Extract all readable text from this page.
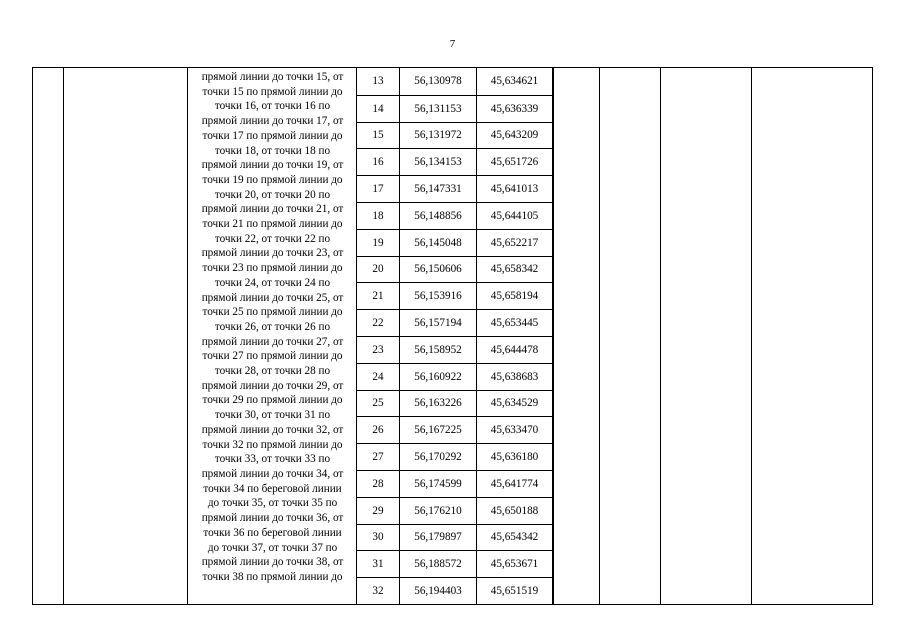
7
прямой линии до точки 15, от
точки 15 по прямой линии до
точки 16, от точки 16 по
прямой линии до точки 17, от
точки 17 по прямой линии до
точки 18, от точки 18 по
прямой линии до точки 19, от
точки 19 по прямой линии до
точки 20, от точки 20 по
прямой линии до точки 21, от
точки 21 по прямой линии до
точки 22, от точки 22 по
прямой линии до точки 23, от
точки 23 по прямой линии до
точки 24, от точки 24 по
прямой линии до точки 25, от
точки 25 по прямой линии до
точки 26, от точки 26 по
прямой линии до точки 27, от
точки 27 по прямой линии до
точки 28, от точки 28 по
прямой линии до точки 29, от
точки 29 по прямой линии до
точки 30, от точки 31 по
прямой линии до точки 32, от
точки 32 по прямой линии до
точки 33, от точки 33 по
прямой линии до точки 34, от
точки 34 по береговой линии
до точки 35, от точки 35 по
прямой линии до точки 36, от
точки 36 по береговой линии
до точки 37, от точки 37 по
прямой линии до точки 38, от
точки 38 по прямой линии до
13	56,130978	45,634621
14	56,131153	45,636339
15	56,131972	45,643209
16	56,134153	45,651726
17	56,147331	45,641013
18	56,148856	45,644105
19	56,145048	45,652217
20	56,150606	45,658342
21	56,153916	45,658194
22	56,157194	45,653445
23	56,158952	45,644478
24	56,160922	45,638683
25	56,163226	45,634529
26	56,167225	45,633470
27	56,170292	45,636180
28	56,174599	45,641774
29	56,176210	45,650188
30	56,179897	45,654342
31	56,188572	45,653671
32	56,194403	45,651519
